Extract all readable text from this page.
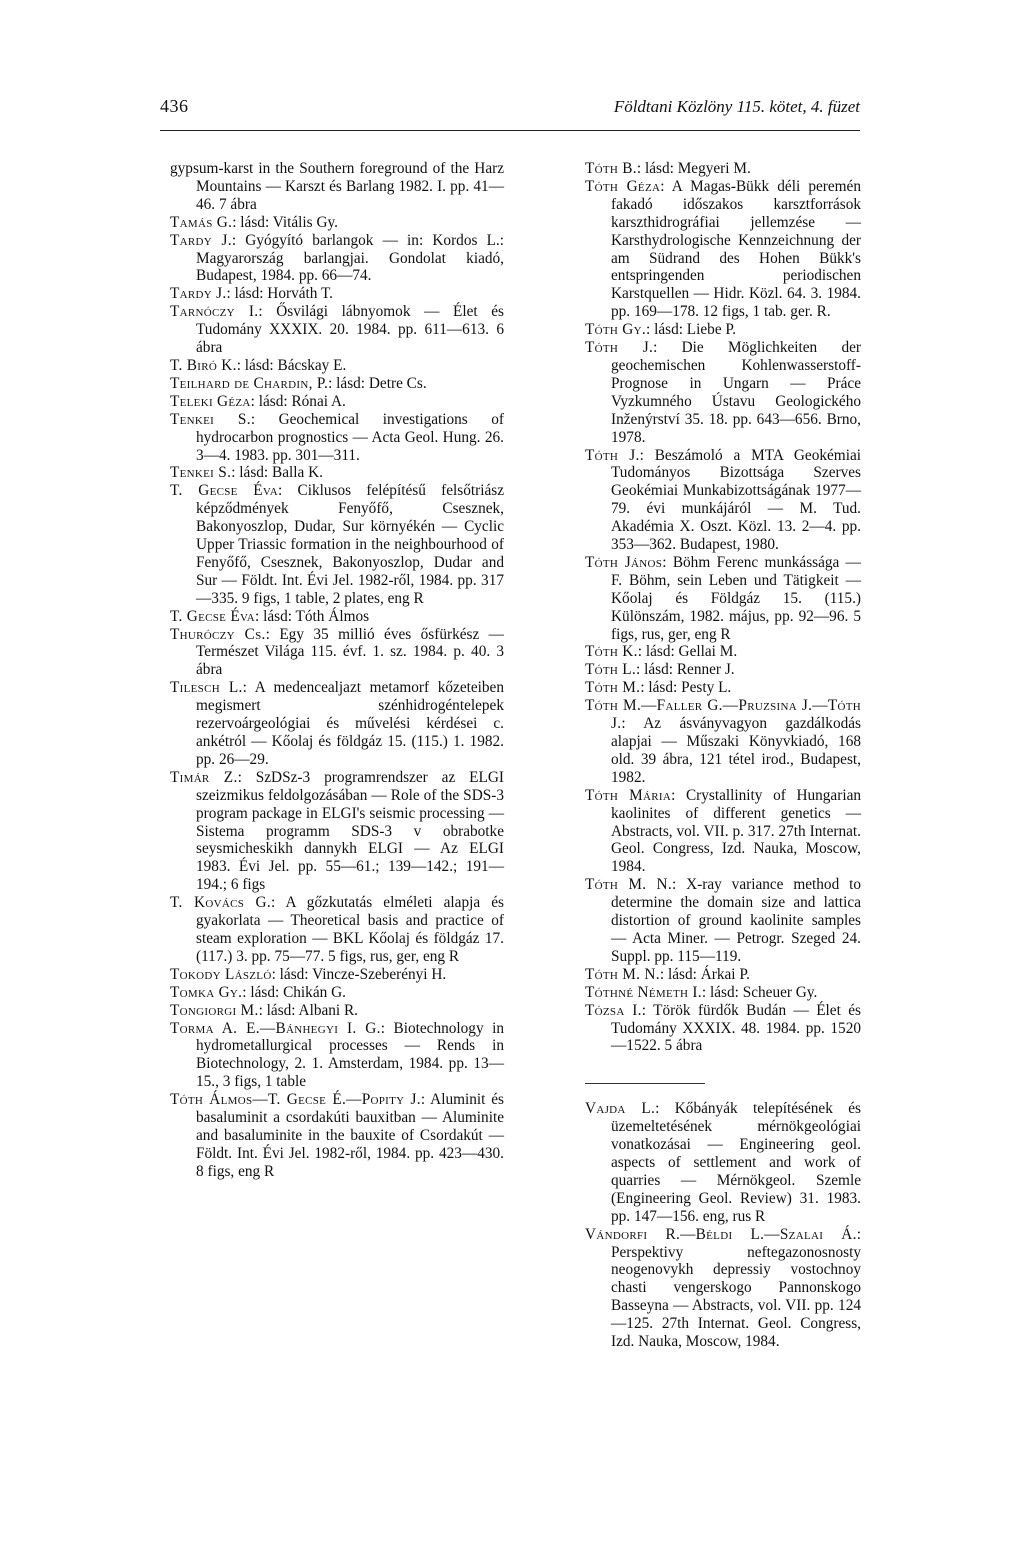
436	Földtani Közlöny 115. kötet, 4. füzet

gypsum-karst in the Southern foreground of the Harz Mountains — Karszt és Barlang 1982. I. pp. 41—46. 7 ábra

Tamás G.: lásd: Vitális Gy.

Tardy J.: Gyógyító barlangok — in: Kordos L.: Magyarország barlangjai. Gondolat kiadó, Budapest, 1984. pp. 66—74.

Tardy J.: lásd: Horváth T.

Tarnóczy I.: Ősvilági lábnyomok — Élet és Tudomány XXXIX. 20. 1984. pp. 611—613. 6 ábra

T. Biró K.: lásd: Bácskay E.

Teilhard de Chardin, P.: lásd: Detre Cs.

Teleki Géza: lásd: Rónai A.

Tenkei S.: Geochemical investigations of hydrocarbon prognostics — Acta Geol. Hung. 26. 3—4. 1983. pp. 301—311.

Tenkei S.: lásd: Balla K.

T. Gecse Éva: Ciklusos felépítésű felsőtriász képződmények Fenyőfő, Csesznek, Bakonyoszlop, Dudar, Sur környékén — Cyclic Upper Triassic formation in the neighbourhood of Fenyőfő, Csesznek, Bakonyoszlop, Dudar and Sur — Földt. Int. Évi Jel. 1982-ről, 1984. pp. 317—335. 9 figs, 1 table, 2 plates, eng R

T. Gecse Éva: lásd: Tóth Álmos

Thuróczy Cs.: Egy 35 millió éves ősfürkész — Természet Világa 115. évf. 1. sz. 1984. p. 40. 3 ábra

Tilesch L.: A medencealjazt metamorf kőzeteiben megismert szénhidrogéntelepek rezervoárgeológiai és művelési kérdései c. ankétról — Kőolaj és földgáz 15. (115.) 1. 1982. pp. 26—29.

Timár Z.: SzDSz-3 programrendszer az ELGI szeizmikus feldolgozásában — Role of the SDS-3 program package in ELGI's seismic processing — Sistema programm SDS-3 v obrabotke seysmicheskikh dannykh ELGI — Az ELGI 1983. Évi Jel. pp. 55—61.; 139—142.; 191—194.; 6 figs

T. Kovács G.: A gőzkutatás elméleti alapja és gyakorlata — Theoretical basis and practice of steam exploration — BKL Kőolaj és földgáz 17. (117.) 3. pp. 75—77. 5 figs, rus, ger, eng R

Tokody László: lásd: Vincze-Szeberényi H.

Tomka Gy.: lásd: Chikán G.

Tongiorgi M.: lásd: Albani R.

Torma A. E.—Bánhegyi I. G.: Biotechnology in hydrometallurgical processes — Rends in Biotechnology, 2. 1. Amsterdam, 1984. pp. 13—15., 3 figs, 1 table

Tóth Álmos—T. Gecse É.—Popity J.: Aluminit és basaluminit a csordakúti bauxitban — Aluminite and basaluminite in the bauxite of Csordakút — Földt. Int. Évi Jel. 1982-ről, 1984. pp. 423—430. 8 figs, eng R

Tóth B.: lásd: Megyeri M.

Tóth Géza: A Magas-Bükk déli peremén fakadó időszakos karsztforrások karszthidrográfiai jellemzése — Karsthydrologische Kennzeichnung der am Südrand des Hohen Bükk's entspringenden periodischen Karstquellen — Hidr. Közl. 64. 3. 1984. pp. 169—178. 12 figs, 1 tab. ger. R.

Tóth Gy.: lásd: Liebe P.

Tóth J.: Die Möglichkeiten der geochemischen Kohlenwasserstoff-Prognose in Ungarn — Práce Vyzkumného Ústavu Geologického Inženýrství 35. 18. pp. 643—656. Brno, 1978.

Tóth J.: Beszámoló a MTA Geokémiai Tudományos Bizottsága Szerves Geokémiai Munkabizottságának 1977—79. évi munkájáról — M. Tud. Akadémia X. Oszt. Közl. 13. 2—4. pp. 353—362. Budapest, 1980.

Tóth János: Böhm Ferenc munkássága — F. Böhm, sein Leben und Tätigkeit — Kőolaj és Földgáz 15. (115.) Különszám, 1982. május, pp. 92—96. 5 figs, rus, ger, eng R

Tóth K.: lásd: Gellai M.

Tóth L.: lásd: Renner J.

Tóth M.: lásd: Pesty L.

Tóth M.—Faller G.—Pruzsina J.—Tóth J.: Az ásványvagyon gazdálkodás alapjai — Műszaki Könyvkiadó, 168 old. 39 ábra, 121 tétel irod., Budapest, 1982.

Tóth Mária: Crystallinity of Hungarian kaolinites of different genetics — Abstracts, vol. VII. p. 317. 27th Internat. Geol. Congress, Izd. Nauka, Moscow, 1984.

Tóth M. N.: X-ray variance method to determine the domain size and lattica distortion of ground kaolinite samples — Acta Miner. — Petrogr. Szeged 24. Suppl. pp. 115—119.

Tóth M. N.: lásd: Árkai P.

Tóthné Németh I.: lásd: Scheuer Gy.

Tózsa I.: Török fürdők Budán — Élet és Tudomány XXXIX. 48. 1984. pp. 1520—1522. 5 ábra

Vajda L.: Kőbányák telepítésének és üzemeltetésének mérnökgeológiai vonatkozásai — Engineering geol. aspects of settlement and work of quarries — Mérnökgeol. Szemle (Engineering Geol. Review) 31. 1983. pp. 147—156. eng, rus R

Vándorfi R.—Béldi L.—Szalai Á.: Perspektivy neftegazonosnosty neogenovykh depressiy vostochnoy chasti vengerskogo Pannonskogo Basseyna — Abstracts, vol. VII. pp. 124—125. 27th Internat. Geol. Congress, Izd. Nauka, Moscow, 1984.
